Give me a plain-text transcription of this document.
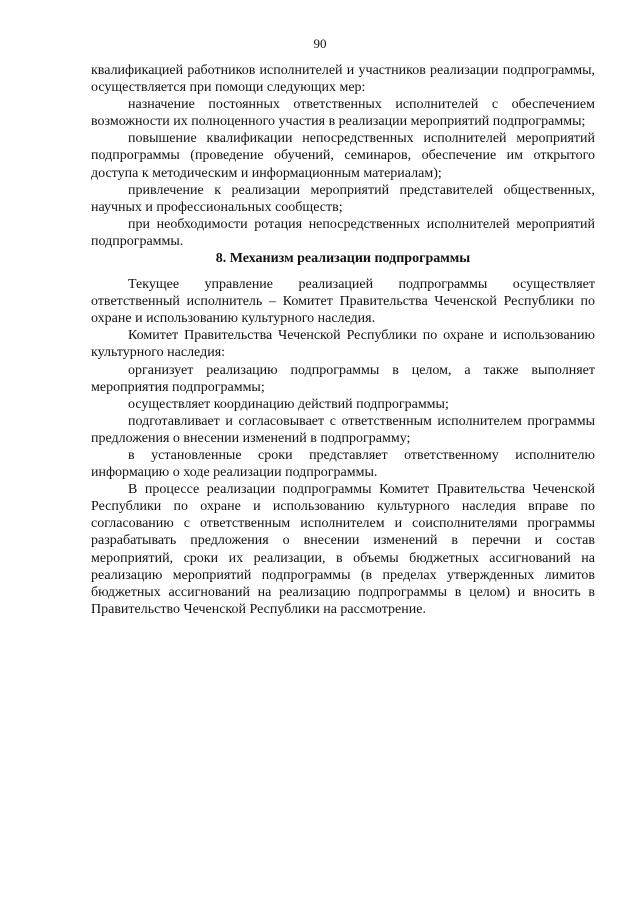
90

квалификацией работников исполнителей и участников реализации подпрограммы, осуществляется при помощи следующих мер:

назначение постоянных ответственных исполнителей с обеспечением возможности их полноценного участия в реализации мероприятий подпрограммы;

повышение квалификации непосредственных исполнителей мероприятий подпрограммы (проведение обучений, семинаров, обеспечение им открытого доступа к методическим и информационным материалам);

привлечение к реализации мероприятий представителей общественных, научных и профессиональных сообществ;

при необходимости ротация непосредственных исполнителей мероприятий подпрограммы.

8. Механизм реализации подпрограммы

Текущее управление реализацией подпрограммы осуществляет ответственный исполнитель – Комитет Правительства Чеченской Республики по охране и использованию культурного наследия.

Комитет Правительства Чеченской Республики по охране и использованию культурного наследия:

организует реализацию подпрограммы в целом, а также выполняет мероприятия подпрограммы;

осуществляет координацию действий подпрограммы;

подготавливает и согласовывает с ответственным исполнителем программы предложения о внесении изменений в подпрограмму;

в установленные сроки представляет ответственному исполнителю информацию о ходе реализации подпрограммы.

В процессе реализации подпрограммы Комитет Правительства Чеченской Республики по охране и использованию культурного наследия вправе по согласованию с ответственным исполнителем и соисполнителями программы разрабатывать предложения о внесении изменений в перечни и состав мероприятий, сроки их реализации, в объемы бюджетных ассигнований на реализацию мероприятий подпрограммы (в пределах утвержденных лимитов бюджетных ассигнований на реализацию подпрограммы в целом) и вносить в Правительство Чеченской Республики на рассмотрение.
